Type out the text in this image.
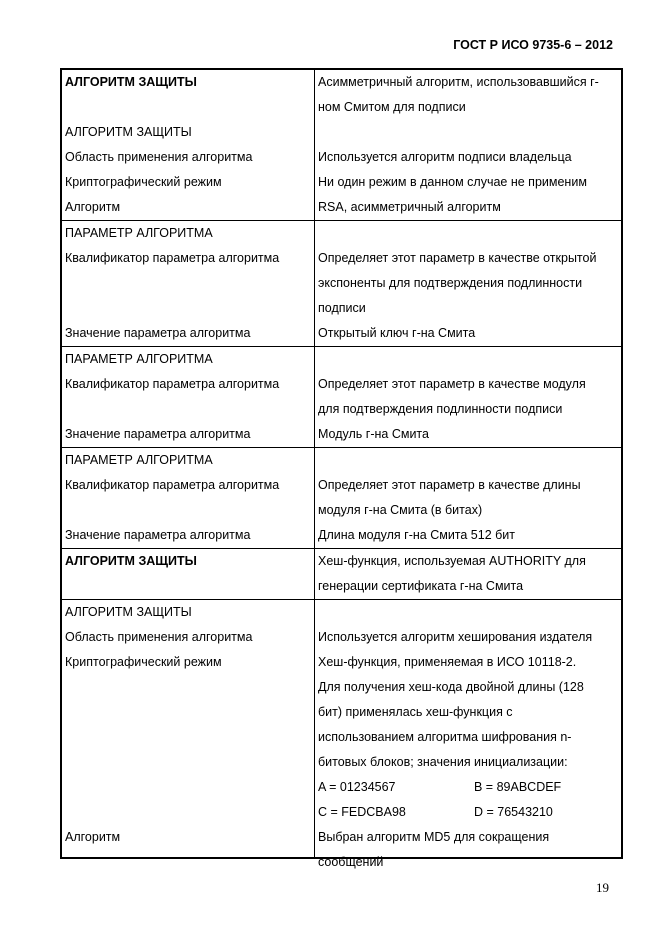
ГОСТ Р ИСО 9735-6 – 2012
АЛГОРИТМ ЗАЩИТЫ	Асимметричный алгоритм, использовавшийся г-
ном Смитом для подписи
АЛГОРИТМ ЗАЩИТЫ
Область применения алгоритма	Используется алгоритм подписи владельца
Криптографический режим	Ни один режим в данном случае не применим
Алгоритм	RSA, асимметричный алгоритм
ПАРАМЕТР АЛГОРИТМА
Квалификатор параметра алгоритма	Определяет этот параметр в качестве открытой
экспоненты для подтверждения подлинности
подписи
Значение параметра алгоритма	Открытый ключ г-на Смита
ПАРАМЕТР АЛГОРИТМА
Квалификатор параметра алгоритма	Определяет этот параметр в качестве модуля
для подтверждения подлинности подписи
Значение параметра алгоритма	Модуль г-на Смита
ПАРАМЕТР АЛГОРИТМА
Квалификатор параметра алгоритма	Определяет этот параметр в качестве длины
модуля г-на Смита (в битах)
Значение параметра алгоритма	Длина модуля г-на Смита 512 бит
АЛГОРИТМ ЗАЩИТЫ	Хеш-функция, используемая AUTHORITY для
генерации сертификата г-на Смита
АЛГОРИТМ ЗАЩИТЫ
Область применения алгоритма	Используется алгоритм хеширования издателя
Криптографический режим	Хеш-функция, применяемая в ИСО 10118-2.
Для получения хеш-кода двойной длины (128
бит) применялась хеш-функция с
использованием алгоритма шифрования n-
битовых блоков; значения инициализации:
A = 01234567	B = 89ABCDEF
C = FEDCBA98	D = 76543210
Алгоритм	Выбран алгоритм MD5 для сокращения
сообщений
19
